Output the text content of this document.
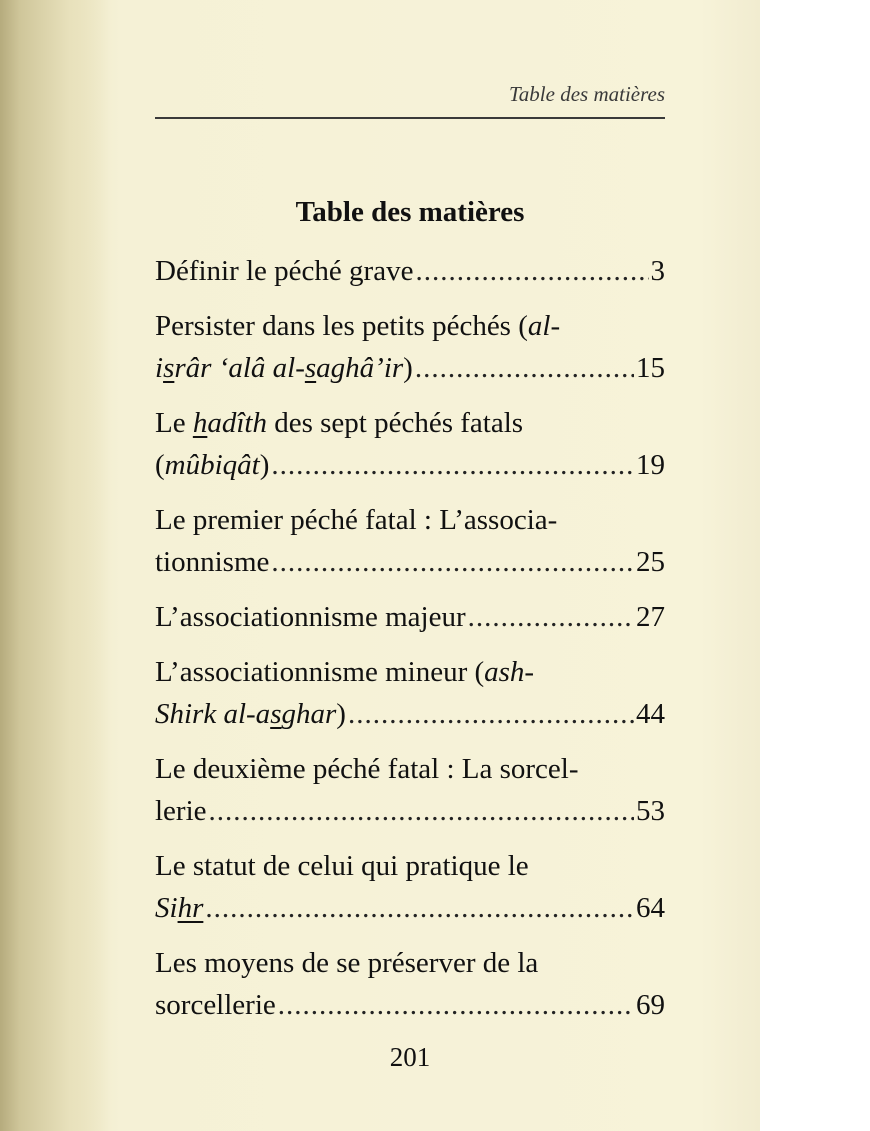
Table des matières
Table des matières
Définir le péché grave .....	3
Persister dans les petits péchés (al-
isrâr ‘alâ al-saghâ’ir) .....	15
Le hadîth des sept péchés fatals
(mûbiqât) .....	19
Le premier péché fatal : L’associa-
tionnisme .....	25
L’associationnisme majeur .....	27
L’associationnisme mineur (ash-
Shirk al-asghar) .....	44
Le deuxième péché fatal : La sorcel-
lerie .....	53
Le statut de celui qui pratique le
Sihr .....	64
Les moyens de se préserver de la
sorcellerie .....	69
201
